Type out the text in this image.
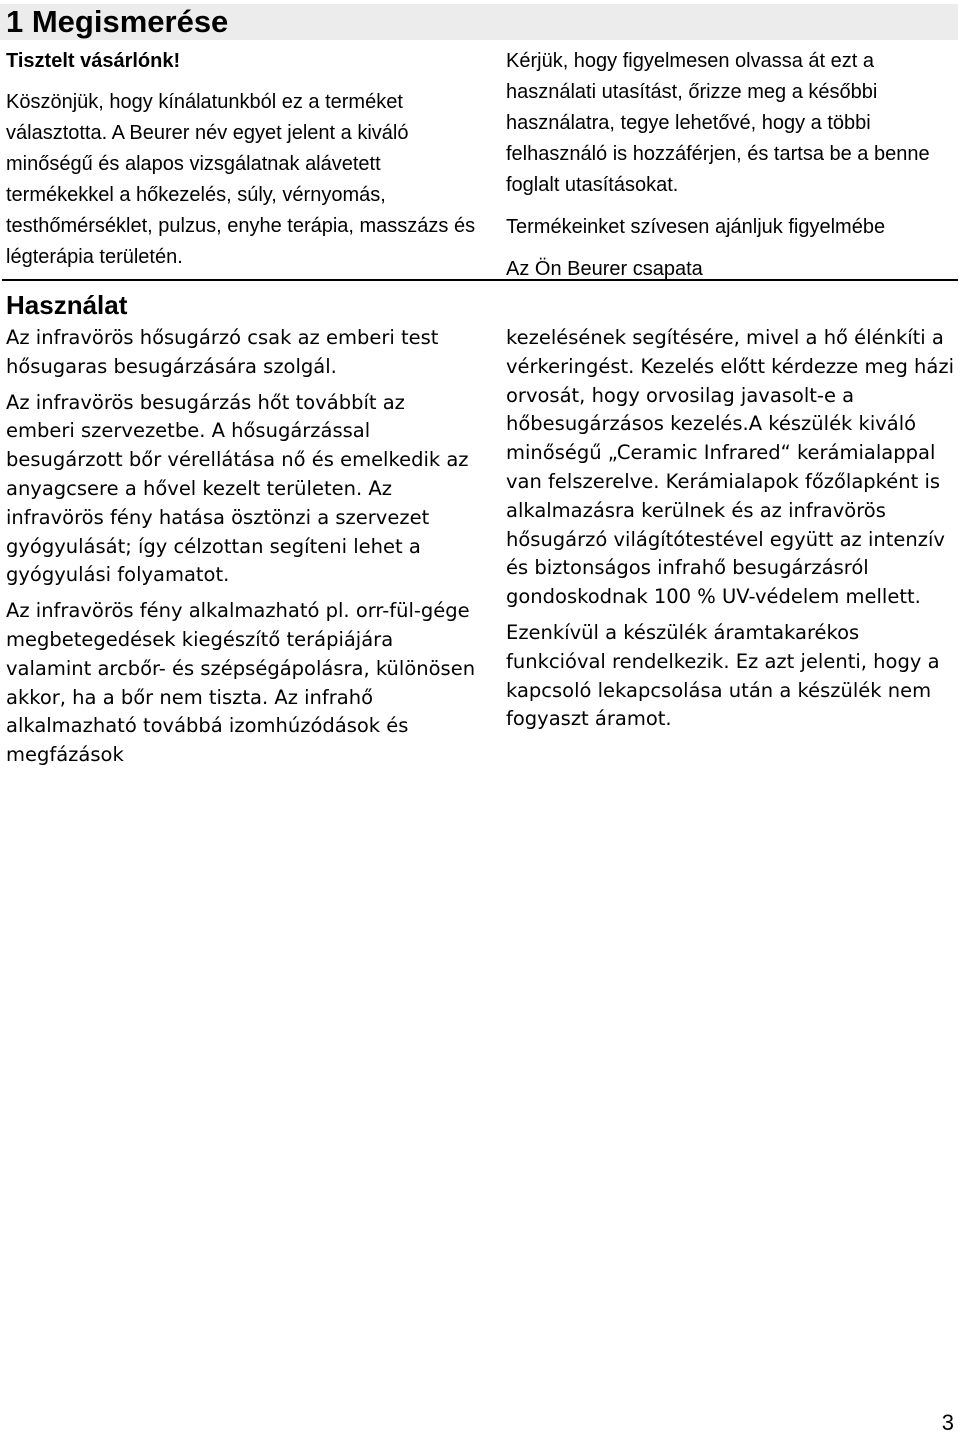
1 Megismerése

Tisztelt vásárlónk!

Köszönjük, hogy kínálatunkból ez a terméket választotta. A Beurer név egyet jelent a kiváló minőségű és alapos vizsgálatnak alávetett termékekkel a hőkezelés, súly, vérnyomás, testhőmérséklet, pulzus, enyhe terápia, masszázs és légterápia területén.

Kérjük, hogy figyelmesen olvassa át ezt a használati utasítást, őrizze meg a későbbi használatra, tegye lehetővé, hogy a többi felhasználó is hozzáférjen, és tartsa be a benne foglalt utasításokat.

Termékeinket szívesen ajánljuk figyelmébe

Az Ön Beurer csapata

Használat

Az infravörös hősugárzó csak az emberi test hősugaras besugárzására szolgál.

Az infravörös besugárzás hőt továbbít az emberi szervezetbe. A hősugárzással besugárzott bőr vérellátása nő és emelkedik az anyagcsere a hővel kezelt területen. Az infravörös fény hatása ösztönzi a szervezet gyógyulását; így célzottan segíteni lehet a gyógyulási folyamatot.

Az infravörös fény alkalmazható pl. orr-fül-gége megbetegedések kiegészítő terápiájára valamint arcbőr- és szépségápolásra, különösen akkor, ha a bőr nem tiszta. Az infrahő alkalmazható továbbá izomhúzódások és megfázások

kezelésének segítésére, mivel a hő élénkíti a vérkeringést. Kezelés előtt kérdezze meg házi orvosát, hogy orvosilag javasolt-e a hőbesugárzásos kezelés.A készülék kiváló minőségű „Ceramic Infrared“ kerámialappal van felszerelve. Kerámialapok főzőlapként is alkalmazásra kerülnek és az infravörös hősugárzó világítótestével együtt az intenzív és biztonságos infrahő besugárzásról gondoskodnak 100 % UV-védelem mellett.

Ezenkívül a készülék áramtakarékos funkcióval rendelkezik. Ez azt jelenti, hogy a kapcsoló lekapcsolása után a készülék nem fogyaszt áramot.

3
